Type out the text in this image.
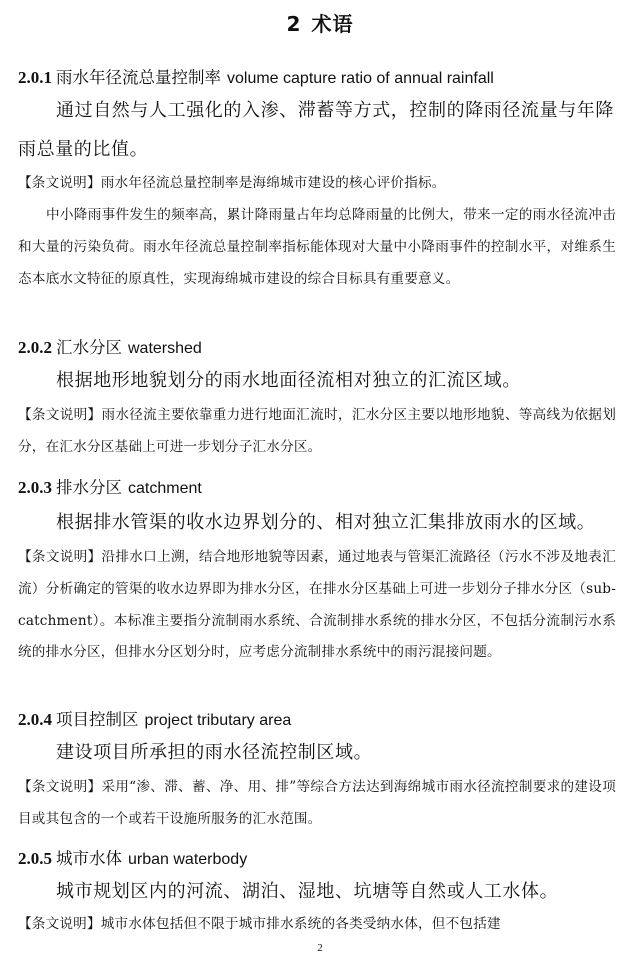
2 术语
2.0.1 雨水年径流总量控制率 volume capture ratio of annual rainfall
通过自然与人工强化的入渗、滞蓄等方式，控制的降雨径流量与年降雨总量的比值。
【条文说明】雨水年径流总量控制率是海绵城市建设的核心评价指标。
中小降雨事件发生的频率高，累计降雨量占年均总降雨量的比例大，带来一定的雨水径流冲击和大量的污染负荷。雨水年径流总量控制率指标能体现对大量中小降雨事件的控制水平，对维系生态本底水文特征的原真性，实现海绵城市建设的综合目标具有重要意义。
2.0.2 汇水分区 watershed
根据地形地貌划分的雨水地面径流相对独立的汇流区域。
【条文说明】雨水径流主要依靠重力进行地面汇流时，汇水分区主要以地形地貌、等高线为依据划分，在汇水分区基础上可进一步划分子汇水分区。
2.0.3 排水分区 catchment
根据排水管渠的收水边界划分的、相对独立汇集排放雨水的区域。
【条文说明】沿排水口上溯，结合地形地貌等因素，通过地表与管渠汇流路径（污水不涉及地表汇流）分析确定的管渠的收水边界即为排水分区，在排水分区基础上可进一步划分子排水分区（sub-catchment）。本标准主要指分流制雨水系统、合流制排水系统的排水分区，不包括分流制污水系统的排水分区，但排水分区划分时，应考虑分流制排水系统中的雨污混接问题。
2.0.4 项目控制区 project tributary area
建设项目所承担的雨水径流控制区域。
【条文说明】采用“渗、滞、蓄、净、用、排”等综合方法达到海绵城市雨水径流控制要求的建设项目或其包含的一个或若干设施所服务的汇水范围。
2.0.5 城市水体 urban waterbody
城市规划区内的河流、湖泊、湿地、坑塘等自然或人工水体。
【条文说明】城市水体包括但不限于城市排水系统的各类受纳水体，但不包括建
2
